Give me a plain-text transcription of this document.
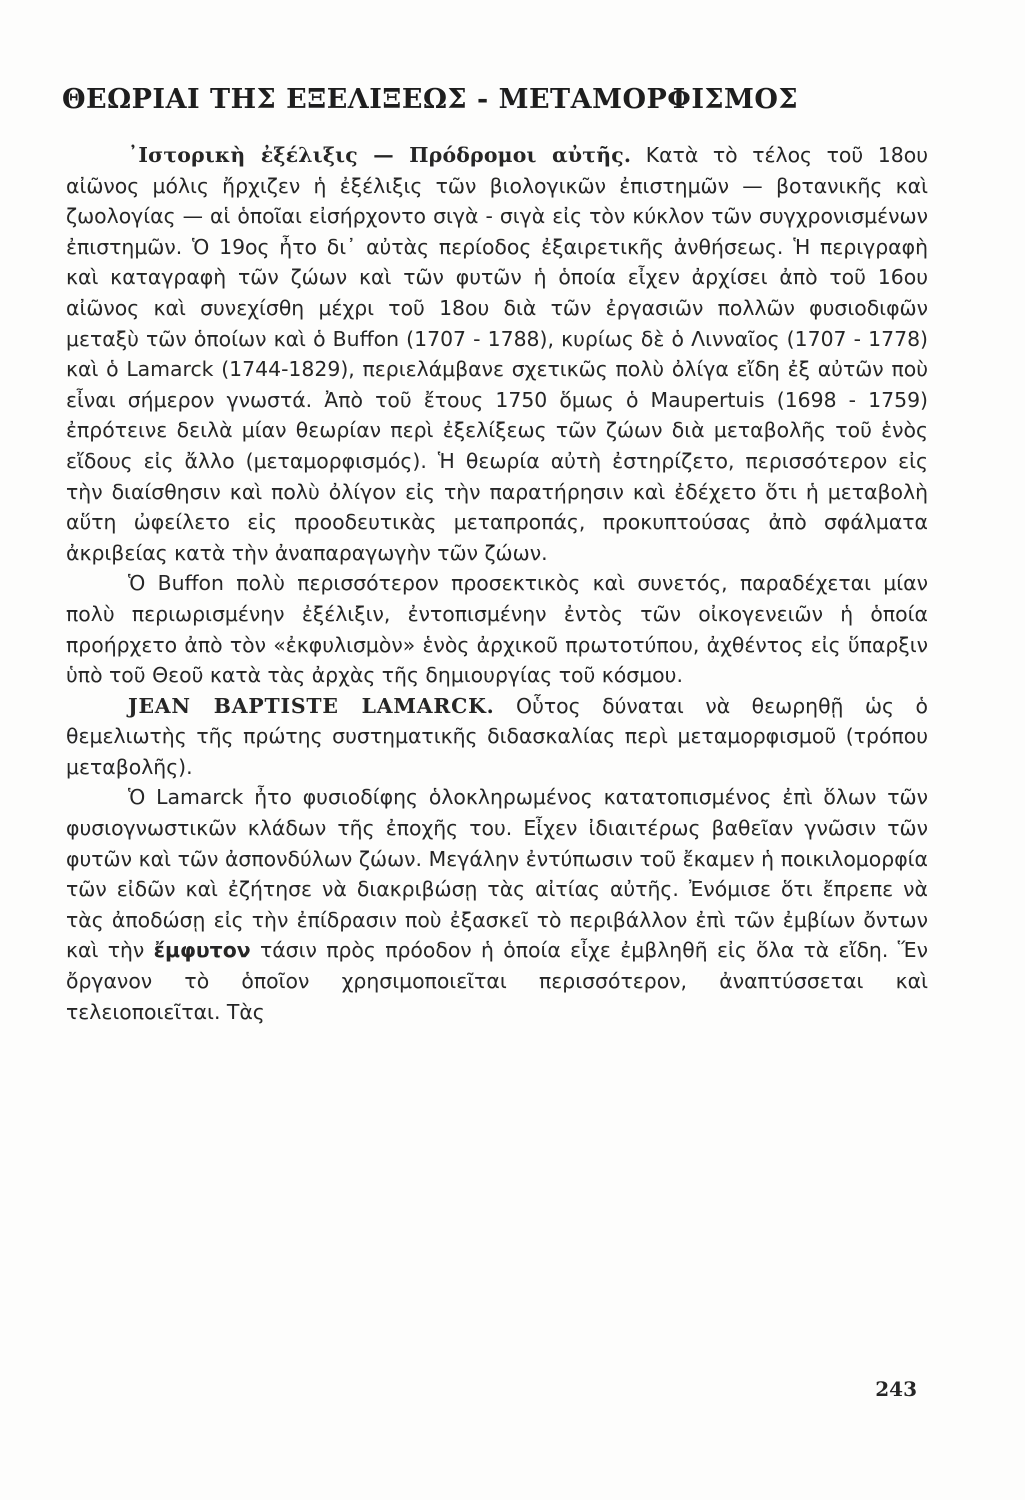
ΘΕΩΡΙΑΙ ΤΗΣ ΕΞΕΛΙΞΕΩΣ - ΜΕΤΑΜΟΡΦΙΣΜΟΣ

᾿Ιστορικὴ ἐξέλιξις — Πρόδρομοι αὐτῆς. Κατὰ τὸ τέλος τοῦ 18ου αἰῶνος μόλις ἤρχιζεν ἡ ἐξέλιξις τῶν βιολογικῶν ἐπιστημῶν — βοτανικῆς καὶ ζωολογίας — αἱ ὁποῖαι εἰσήρχοντο σιγὰ - σιγὰ εἰς τὸν κύκλον τῶν συγχρονισμένων ἐπιστημῶν. Ὁ 19ος ἦτο δι᾿ αὐτὰς περίοδος ἐξαιρετικῆς ἀνθήσεως. Ἡ περιγραφὴ καὶ καταγραφὴ τῶν ζώων καὶ τῶν φυτῶν ἡ ὁποία εἶχεν ἀρχίσει ἀπὸ τοῦ 16ου αἰῶνος καὶ συνεχίσθη μέχρι τοῦ 18ου διὰ τῶν ἐργασιῶν πολλῶν φυσιοδιφῶν μεταξὺ τῶν ὁποίων καὶ ὁ Buffon (1707 - 1788), κυρίως δὲ ὁ Λινναῖος (1707 - 1778) καὶ ὁ Lamarck (1744-1829), περιελάμβανε σχετικῶς πολὺ ὀλίγα εἴδη ἐξ αὐτῶν ποὺ εἶναι σήμερον γνωστά. Ἀπὸ τοῦ ἔτους 1750 ὅμως ὁ Maupertuis (1698 - 1759) ἐπρότεινε δειλὰ μίαν θεωρίαν περὶ ἐξελίξεως τῶν ζώων διὰ μεταβολῆς τοῦ ἑνὸς εἴδους εἰς ἄλλο (μεταμορφισμός). Ἡ θεωρία αὐτὴ ἐστηρίζετο, περισσότερον εἰς τὴν διαίσθησιν καὶ πολὺ ὀλίγον εἰς τὴν παρατήρησιν καὶ ἐδέχετο ὅτι ἡ μεταβολὴ αὕτη ὠφείλετο εἰς προοδευτικὰς μεταπροπάς, προκυπτούσας ἀπὸ σφάλματα ἀκριβείας κατὰ τὴν ἀναπαραγωγὴν τῶν ζώων.

Ὁ Buffon πολὺ περισσότερον προσεκτικὸς καὶ συνετός, παραδέχεται μίαν πολὺ περιωρισμένην ἐξέλιξιν, ἐντοπισμένην ἐντὸς τῶν οἰκογενειῶν ἡ ὁποία προήρχετο ἀπὸ τὸν «ἐκφυλισμὸν» ἑνὸς ἀρχικοῦ πρωτοτύπου, ἀχθέντος εἰς ὕπαρξιν ὑπὸ τοῦ Θεοῦ κατὰ τὰς ἀρχὰς τῆς δημιουργίας τοῦ κόσμου.

JEAN BAPTISTE LAMARCK. Οὗτος δύναται νὰ θεωρηθῇ ὡς ὁ θεμελιωτὴς τῆς πρώτης συστηματικῆς διδασκαλίας περὶ μεταμορφισμοῦ (τρόπου μεταβολῆς).

Ὁ Lamarck ἦτο φυσιοδίφης ὁλοκληρωμένος κατατοπισμένος ἐπὶ ὅλων τῶν φυσιογνωστικῶν κλάδων τῆς ἐποχῆς του. Εἶχεν ἰδιαιτέρως βαθεῖαν γνῶσιν τῶν φυτῶν καὶ τῶν ἀσπονδύλων ζώων. Μεγάλην ἐντύπωσιν τοῦ ἔκαμεν ἡ ποικιλομορφία τῶν εἰδῶν καὶ ἐζήτησε νὰ διακριβώσῃ τὰς αἰτίας αὐτῆς. Ἐνόμισε ὅτι ἔπρεπε νὰ τὰς ἀποδώσῃ εἰς τὴν ἐπίδρασιν ποὺ ἐξασκεῖ τὸ περιβάλλον ἐπὶ τῶν ἐμβίων ὄντων καὶ τὴν ἔμφυτον τάσιν πρὸς πρόοδον ἡ ὁποία εἶχε ἐμβληθῆ εἰς ὅλα τὰ εἴδη. Ἕν ὄργανον τὸ ὁποῖον χρησιμοποιεῖται περισσότερον, ἀναπτύσσεται καὶ τελειοποιεῖται. Τὰς

243
